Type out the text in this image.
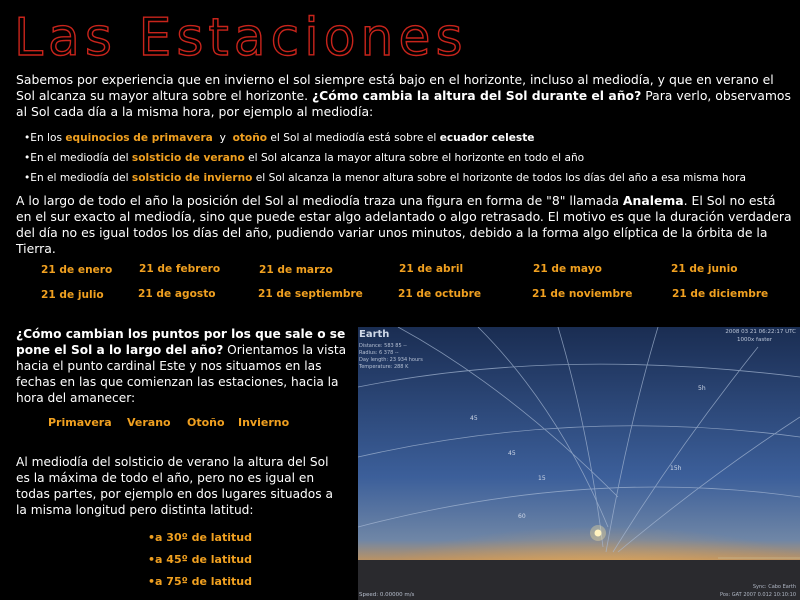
Las Estaciones

Sabemos por experiencia que en invierno el sol siempre está bajo en el horizonte, incluso al mediodía, y que en verano el Sol alcanza su mayor altura sobre el horizonte. ¿Cómo cambia la altura del Sol durante el año? Para verlo, observamos al Sol cada día a la misma hora, por ejemplo al mediodía:

•En los equinocios de primavera  y  otoño el Sol al mediodía está sobre el ecuador celeste
•En el mediodía del solsticio de verano el Sol alcanza la mayor altura sobre el horizonte en todo el año
•En el mediodía del solsticio de invierno el Sol alcanza la menor altura sobre el horizonte de todos los días del año a esa misma hora

A lo largo de todo el año la posición del Sol al mediodía traza una figura en forma de "8" llamada Analema. El Sol no está en el sur exacto al mediodía, sino que puede estar algo adelantado o algo retrasado. El motivo es que la duración verdadera del día no es igual todos los días del año, pudiendo variar unos minutos, debido a la forma algo elíptica de la órbita de la Tierra.

21 de enero	21 de febrero	21 de marzo	21 de abril	21 de mayo	21 de junio
21 de julio	21 de agosto	21 de septiembre	21 de octubre	21 de noviembre	21 de diciembre

¿Cómo cambian los puntos por los que sale o se pone el Sol a lo largo del año? Orientamos la vista hacia el punto cardinal Este y nos situamos en las fechas en las que comienzan las estaciones, hacia la hora del amanecer:

Primavera Verano Otoño Invierno

Al mediodía del solsticio de verano la altura del Sol es la máxima de todo el año, pero no es igual en todas partes, por ejemplo en dos lugares situados a la misma longitud pero distinta latitud:

•a 30º de latitud
•a 45º de latitud
•a 75º de latitud
Earth
Distance: 583 85 --
Radius: 6 378 --
Day length: 23 934 hours
Temperature: 288 K
2008 03 21 06:22:17 UTC
1000x faster
45
45
15
15h
5h
60
Speed: 0.00000 m/s
Sync: Cabo Earth
Pos: GAT 2007 0.012 10:10:10
